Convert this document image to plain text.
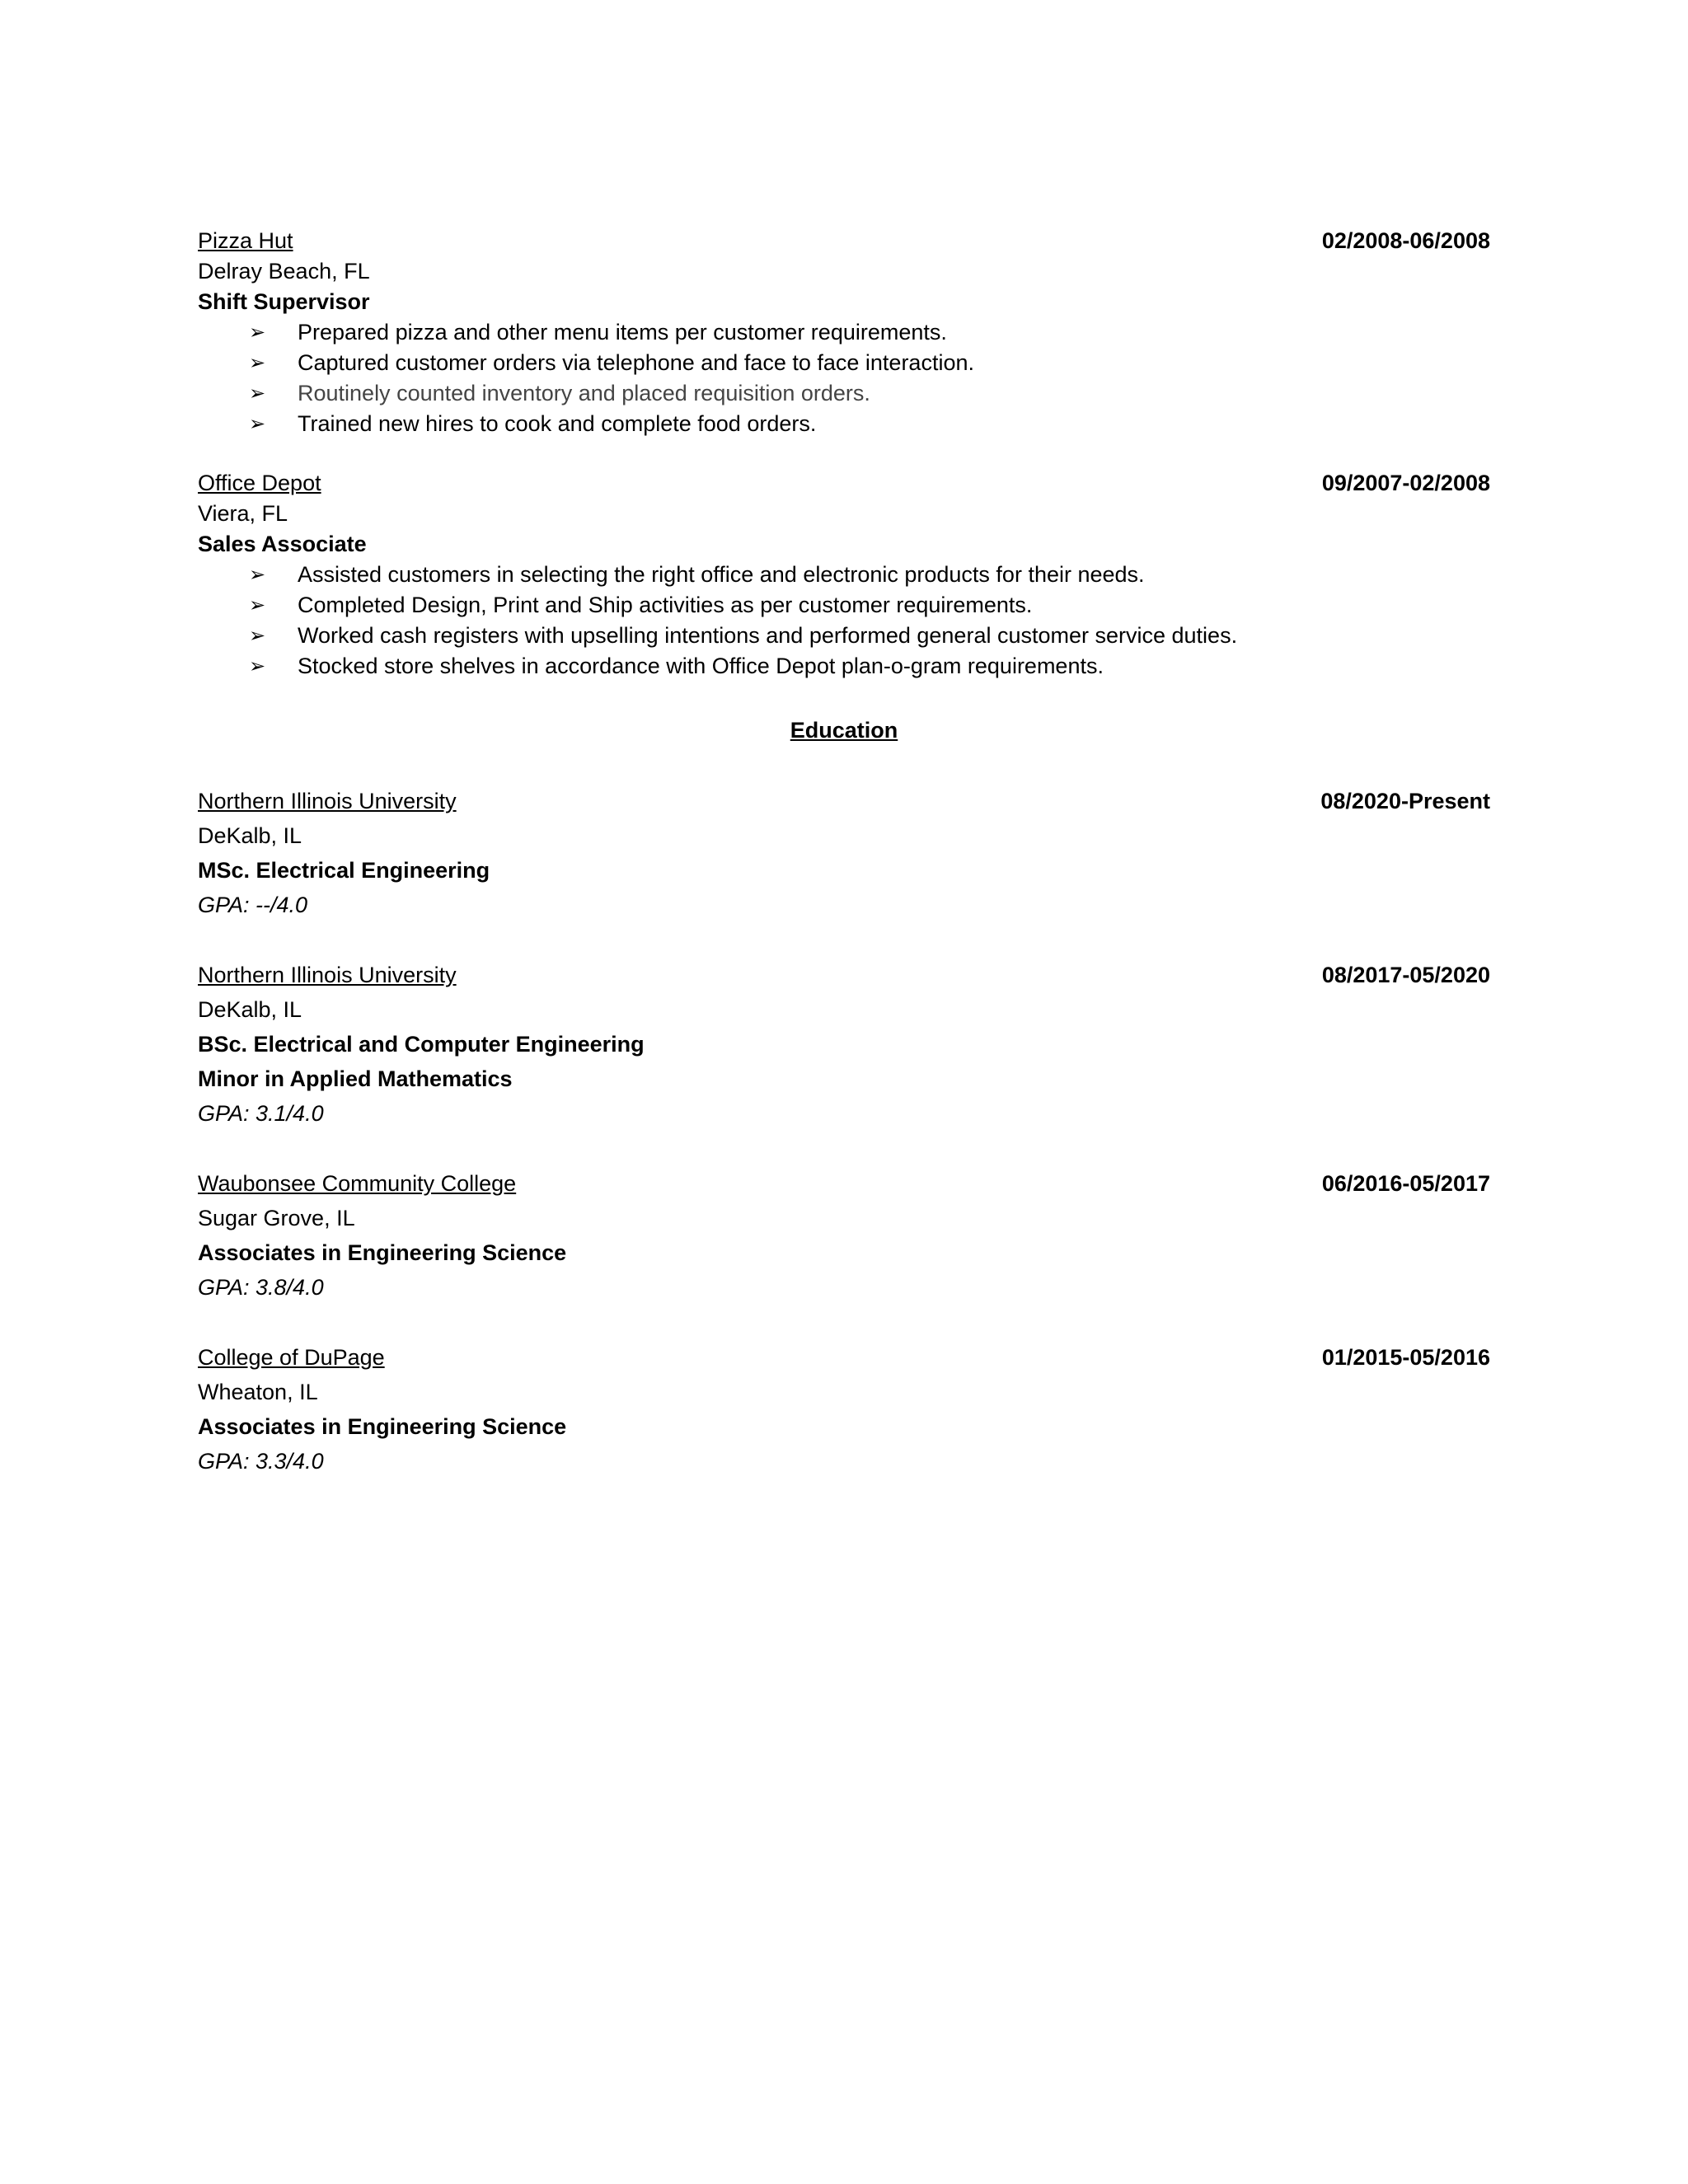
Pizza Hut	02/2008-06/2008
Delray Beach, FL
Shift Supervisor
➢ Prepared pizza and other menu items per customer requirements.
➢ Captured customer orders via telephone and face to face interaction.
➢ Routinely counted inventory and placed requisition orders.
➢ Trained new hires to cook and complete food orders.
Office Depot	09/2007-02/2008
Viera, FL
Sales Associate
➢ Assisted customers in selecting the right office and electronic products for their needs.
➢ Completed Design, Print and Ship activities as per customer requirements.
➢ Worked cash registers with upselling intentions and performed general customer service duties.
➢ Stocked store shelves in accordance with Office Depot plan-o-gram requirements.
Education
Northern Illinois University	08/2020-Present
DeKalb, IL
MSc. Electrical Engineering
GPA: --/4.0
Northern Illinois University	08/2017-05/2020
DeKalb, IL
BSc. Electrical and Computer Engineering
Minor in Applied Mathematics
GPA: 3.1/4.0
Waubonsee Community College	06/2016-05/2017
Sugar Grove, IL
Associates in Engineering Science
GPA: 3.8/4.0
College of DuPage	01/2015-05/2016
Wheaton, IL
Associates in Engineering Science
GPA: 3.3/4.0
